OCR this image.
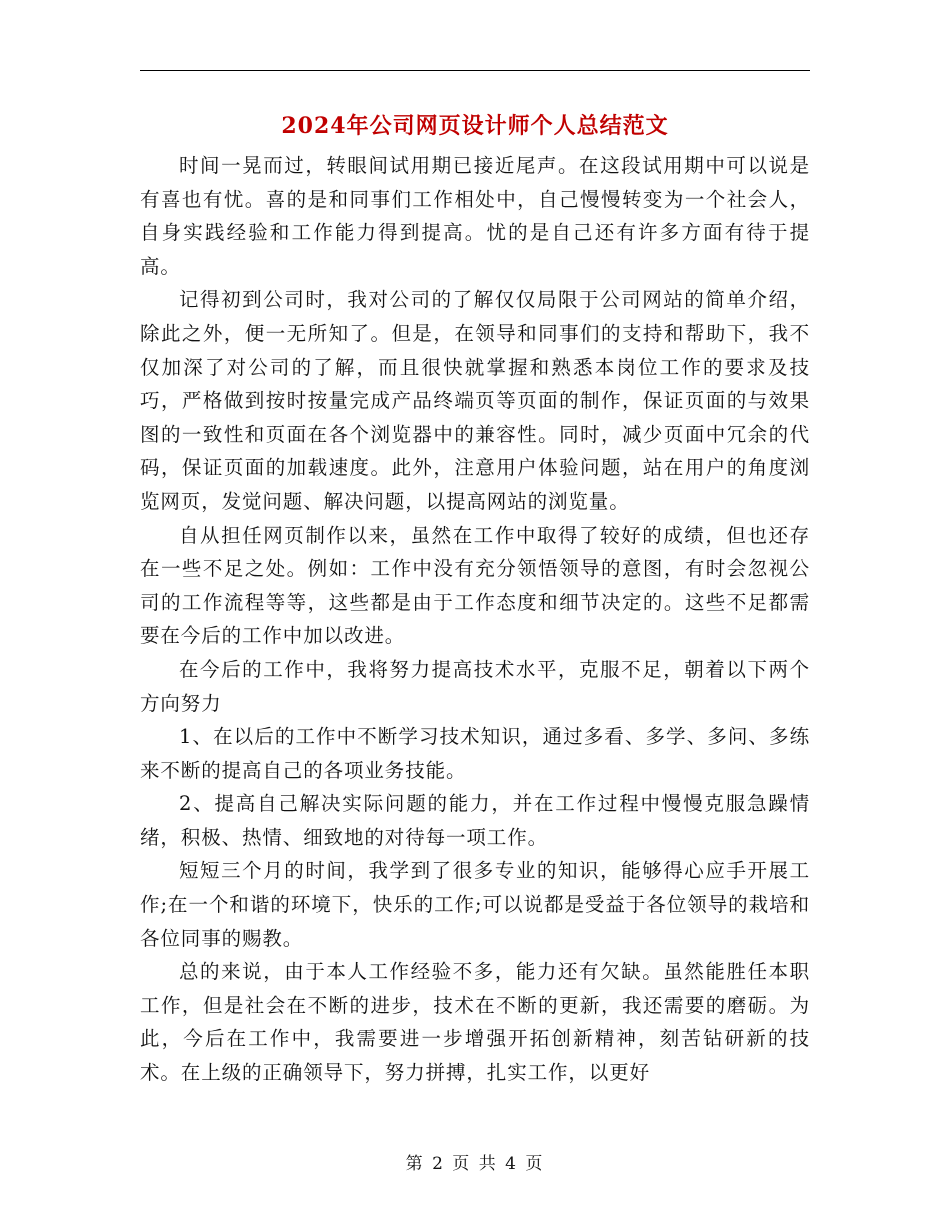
2024年公司网页设计师个人总结范文

时间一晃而过，转眼间试用期已接近尾声。在这段试用期中可以说是有喜也有忧。喜的是和同事们工作相处中，自己慢慢转变为一个社会人，自身实践经验和工作能力得到提高。忧的是自己还有许多方面有待于提高。

记得初到公司时，我对公司的了解仅仅局限于公司网站的简单介绍，除此之外，便一无所知了。但是，在领导和同事们的支持和帮助下，我不仅加深了对公司的了解，而且很快就掌握和熟悉本岗位工作的要求及技巧，严格做到按时按量完成产品终端页等页面的制作，保证页面的与效果图的一致性和页面在各个浏览器中的兼容性。同时，减少页面中冗余的代码，保证页面的加载速度。此外，注意用户体验问题，站在用户的角度浏览网页，发觉问题、解决问题，以提高网站的浏览量。

自从担任网页制作以来，虽然在工作中取得了较好的成绩，但也还存在一些不足之处。例如：工作中没有充分领悟领导的意图，有时会忽视公司的工作流程等等，这些都是由于工作态度和细节决定的。这些不足都需要在今后的工作中加以改进。

在今后的工作中，我将努力提高技术水平，克服不足，朝着以下两个方向努力

1、在以后的工作中不断学习技术知识，通过多看、多学、多问、多练来不断的提高自己的各项业务技能。

2、提高自己解决实际问题的能力，并在工作过程中慢慢克服急躁情绪，积极、热情、细致地的对待每一项工作。

短短三个月的时间，我学到了很多专业的知识，能够得心应手开展工作;在一个和谐的环境下，快乐的工作;可以说都是受益于各位领导的栽培和各位同事的赐教。

总的来说，由于本人工作经验不多，能力还有欠缺。虽然能胜任本职工作，但是社会在不断的进步，技术在不断的更新，我还需要的磨砺。为此，今后在工作中，我需要进一步增强开拓创新精神，刻苦钻研新的技术。在上级的正确领导下，努力拼搏，扎实工作，以更好

第 2 页 共 4 页
